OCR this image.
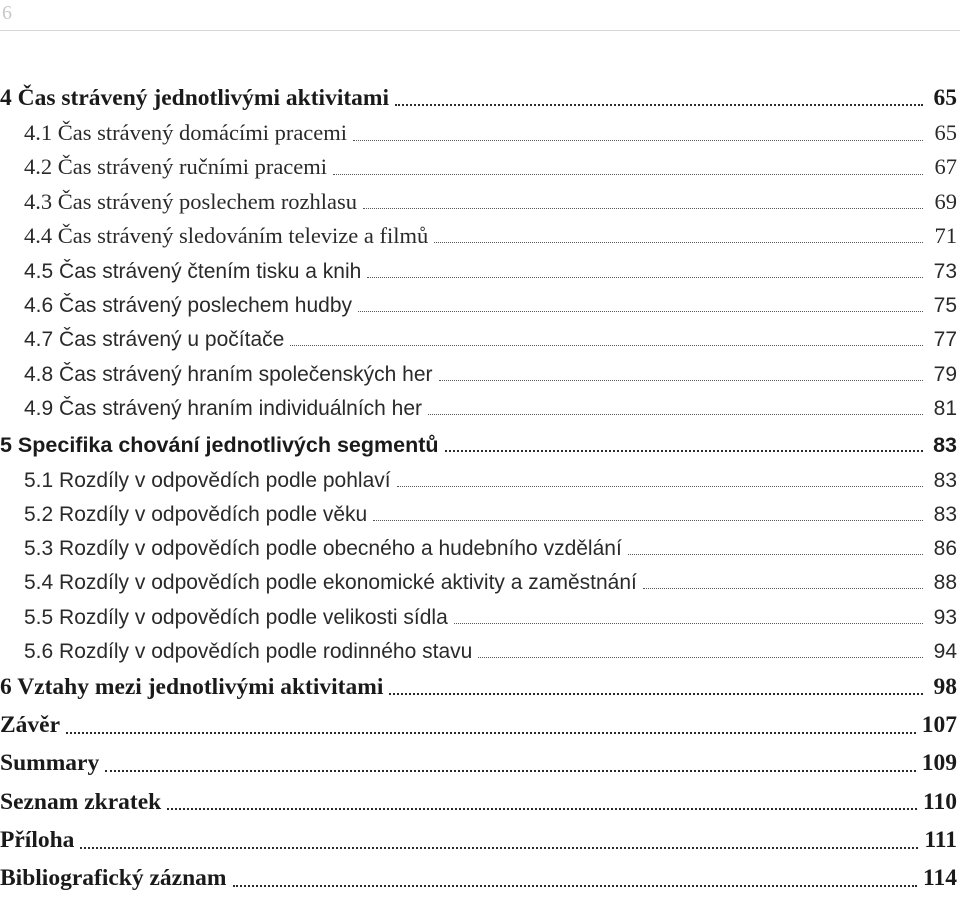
6
4 Čas strávený jednotlivými aktivitami	65
4.1 Čas strávený domácími pracemi	65
4.2 Čas strávený ručními pracemi	67
4.3 Čas strávený poslechem rozhlasu	69
4.4 Čas strávený sledováním televize a filmů	71
4.5 Čas strávený čtením tisku a knih	73
4.6 Čas strávený poslechem hudby	75
4.7 Čas strávený u počítače	77
4.8 Čas strávený hraním společenských her	79
4.9 Čas strávený hraním individuálních her	81
5 Specifika chování jednotlivých segmentů	83
5.1 Rozdíly v odpovědích podle pohlaví	83
5.2 Rozdíly v odpovědích podle věku	83
5.3 Rozdíly v odpovědích podle obecného a hudebního vzdělání	86
5.4 Rozdíly v odpovědích podle ekonomické aktivity a zaměstnání	88
5.5 Rozdíly v odpovědích podle velikosti sídla	93
5.6 Rozdíly v odpovědích podle rodinného stavu	94
6 Vztahy mezi jednotlivými aktivitami	98
Závěr	107
Summary	109
Seznam zkratek	110
Příloha	111
Bibliografický záznam	114
